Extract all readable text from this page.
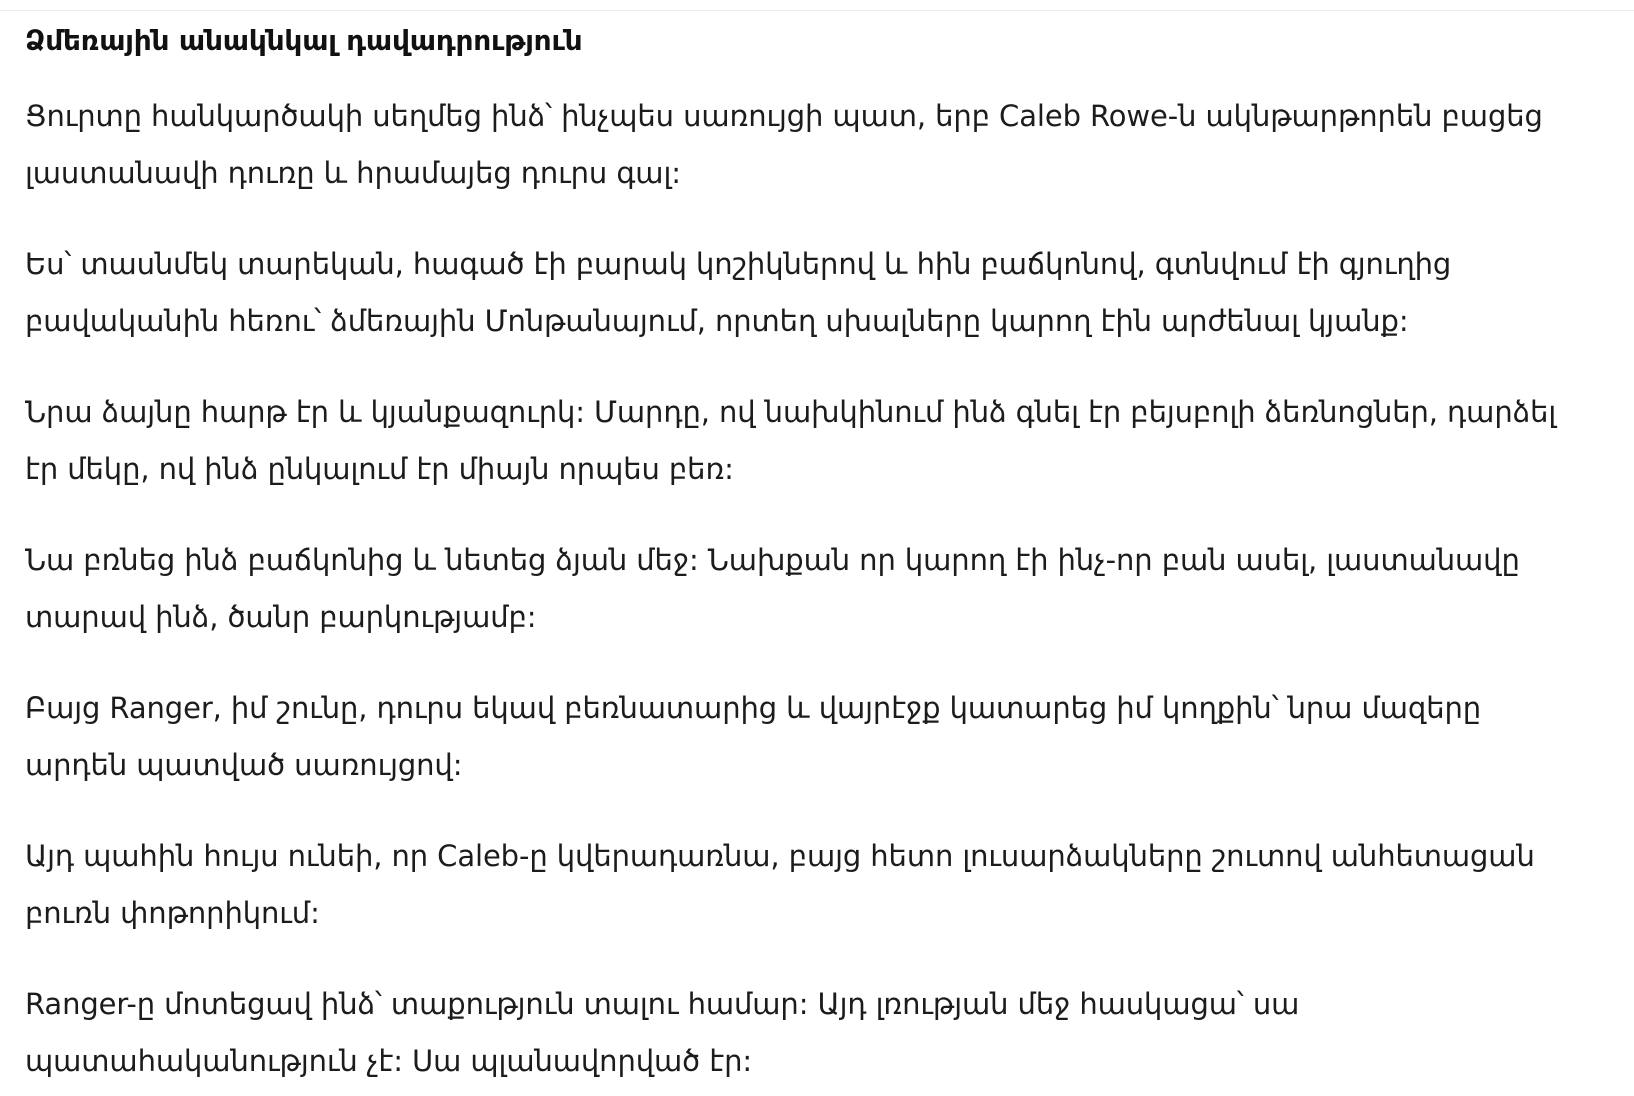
Ձմեռային անակնկալ դավադրություն

Ցուրտը հանկարծակի սեղմեց ինձ՝ ինչպես սառույցի պատ, երբ Caleb Rowe-ն ակնթարթորեն բացեց լաստանավի դուռը և հրամայեց դուրս գալ:

Ես՝ տասնմեկ տարեկան, հագած էի բարակ կոշիկներով և հին բաճկոնով, գտնվում էի գյուղից բավականին հեռու՝ ձմեռային Մոնթանայում, որտեղ սխալները կարող էին արժենալ կյանք:

Նրա ձայնը հարթ էր և կյանքազուրկ: Մարդը, ով նախկինում ինձ գնել էր բեյսբոլի ձեռնոցներ, դարձել էր մեկը, ով ինձ ընկալում էր միայն որպես բեռ:

Նա բռնեց ինձ բաճկոնից և նետեց ձյան մեջ: Նախքան որ կարող էի ինչ-որ բան ասել, լաստանավը տարավ ինձ, ծանր բարկությամբ:

Բայց Ranger, իմ շունը, դուրս եկավ բեռնատարից և վայրէջք կատարեց իմ կողքին՝ նրա մազերը արդեն պատված սառույցով:

Այդ պահին հույս ունեի, որ Caleb-ը կվերադառնա, բայց հետո լուսարձակները շուտով անհետացան բուռն փոթորիկում:

Ranger-ը մոտեցավ ինձ՝ տաքություն տալու համար: Այդ լռության մեջ հասկացա՝ սա պատահականություն չէ: Սա պլանավորված էր:
